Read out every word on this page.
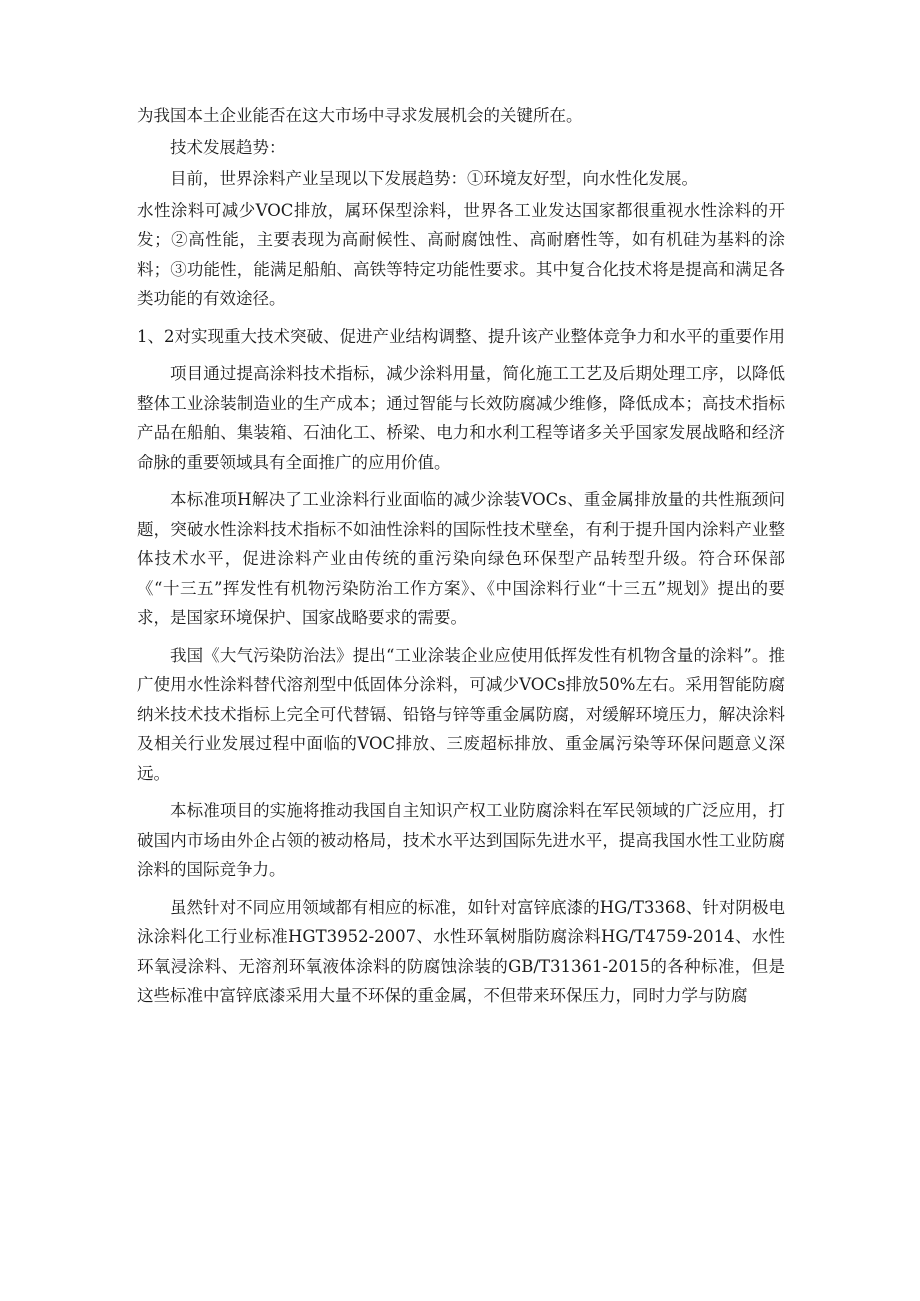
为我国本土企业能否在这大市场中寻求发展机会的关键所在。

技术发展趋势：

目前，世界涂料产业呈现以下发展趋势：①环境友好型，向水性化发展。

水性涂料可减少VOC排放，属环保型涂料，世界各工业发达国家都很重视水性涂料的开发；②高性能，主要表现为高耐候性、高耐腐蚀性、高耐磨性等，如有机硅为基料的涂料；③功能性，能满足船舶、高铁等特定功能性要求。其中复合化技术将是提高和满足各类功能的有效途径。

1、2对实现重大技术突破、促进产业结构调整、提升该产业整体竞争力和水平的重要作用

项目通过提高涂料技术指标，减少涂料用量，简化施工工艺及后期处理工序，以降低整体工业涂装制造业的生产成本；通过智能与长效防腐减少维修，降低成本；高技术指标产品在船舶、集装箱、石油化工、桥梁、电力和水利工程等诸多关乎国家发展战略和经济命脉的重要领域具有全面推广的应用价值。

本标准项H解决了工业涂料行业面临的减少涂装VOCs、重金属排放量的共性瓶颈问题，突破水性涂料技术指标不如油性涂料的国际性技术壁垒，有利于提升国内涂料产业整体技术水平，促进涂料产业由传统的重污染向绿色环保型产品转型升级。符合环保部《“十三五”挥发性有机物污染防治工作方案》、《中国涂料行业“十三五”规划》提出的要求，是国家环境保护、国家战略要求的需要。

我国《大气污染防治法》提出“工业涂装企业应使用低挥发性有机物含量的涂料”。推广使用水性涂料替代溶剂型中低固体分涂料，可减少VOCs排放50%左右。采用智能防腐纳米技术技术指标上完全可代替镉、铅铬与锌等重金属防腐，对缓解环境压力，解决涂料及相关行业发展过程中面临的VOC排放、三废超标排放、重金属污染等环保问题意义深远。

本标准项目的实施将推动我国自主知识产权工业防腐涂料在军民领域的广泛应用，打破国内市场由外企占领的被动格局，技术水平达到国际先进水平，提高我国水性工业防腐涂料的国际竞争力。

虽然针对不同应用领域都有相应的标准，如针对富锌底漆的HG/T3368、针对阴极电泳涂料化工行业标准HGT3952-2007、水性环氧树脂防腐涂料HG/T4759-2014、水性环氧浸涂料、无溶剂环氧液体涂料的防腐蚀涂装的GB/T31361-2015的各种标准，但是这些标准中富锌底漆采用大量不环保的重金属，不但带来环保压力，同时力学与防腐
